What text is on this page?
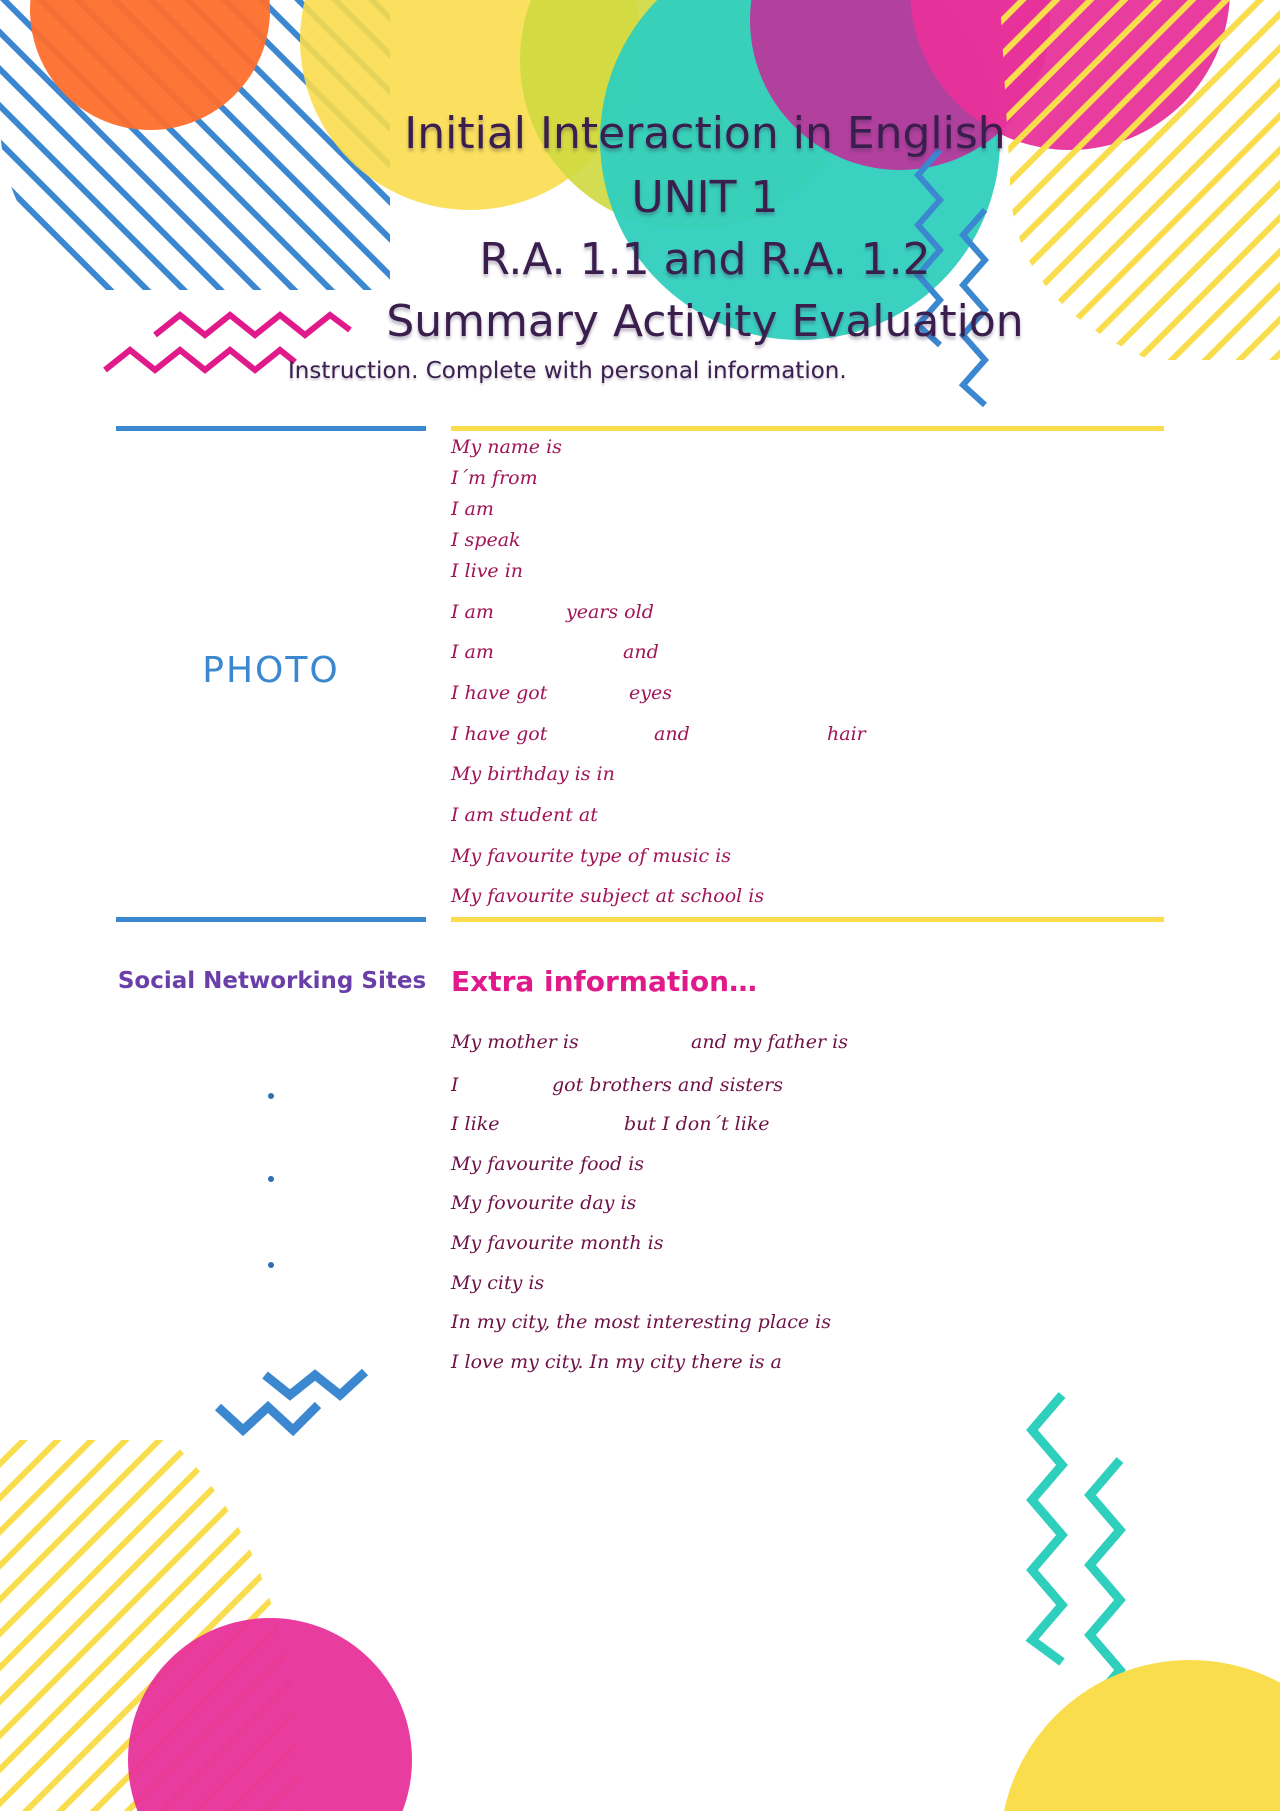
Initial Interaction in English
UNIT 1
R.A. 1.1 and R.A. 1.2
Summary Activity Evaluation
Instruction. Complete with personal information.
PHOTO
My name is
I´m from
I am
I speak
I live in
I am	years old
I am	and
I have got	eyes
I have got	and	hair
My birthday is in
I am student at
My favourite type of music is
My favourite subject at school is
Social Networking Sites Extra information…
My mother is	and my father is
I	got brothers and sisters
I like	but I don´t like
My favourite food is
My fovourite day is
My favourite month is
My city is
In my city, the most interesting place is
I love my city. In my city there is a
